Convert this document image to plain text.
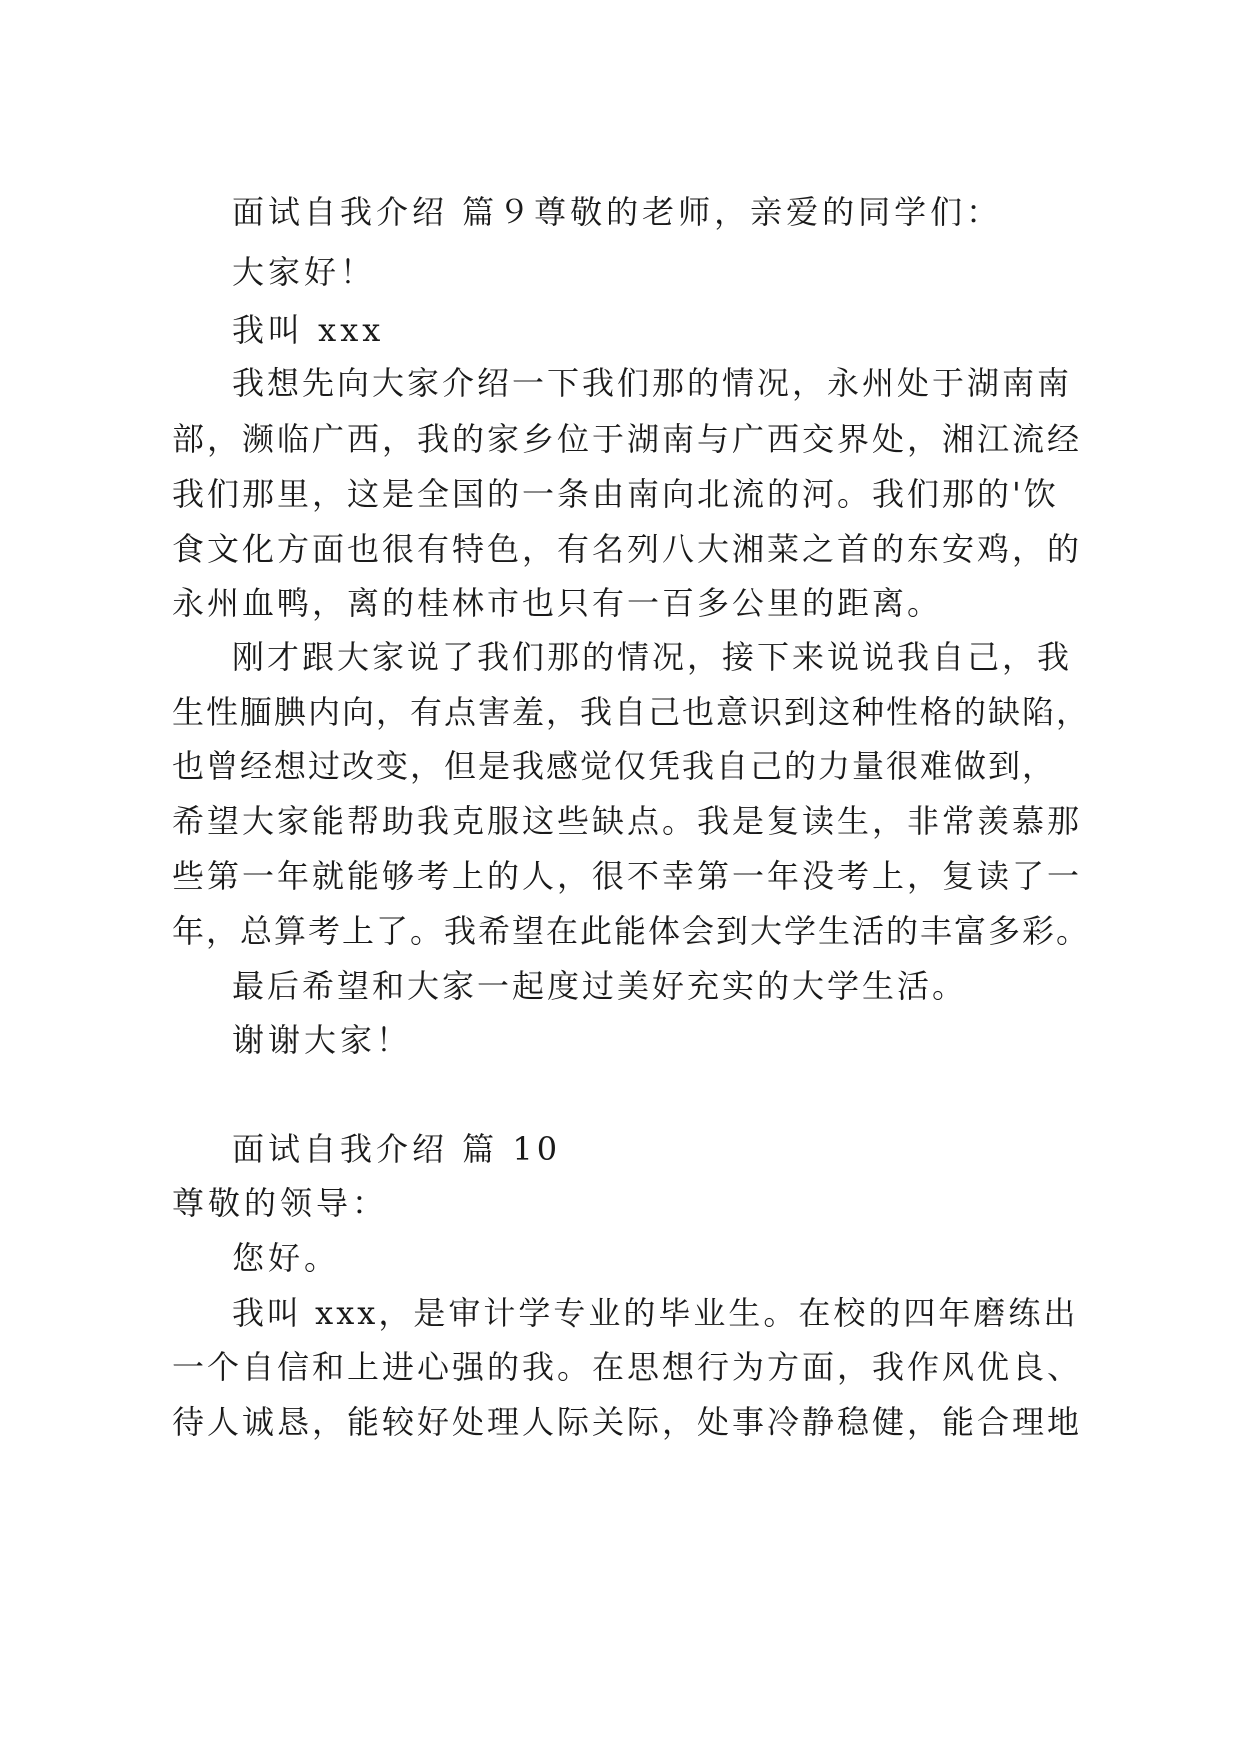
面试自我介绍 篇９尊敬的老师，亲爱的同学们：
大家好！
我叫 xxx
我想先向大家介绍一下我们那的情况，永州处于湖南南
部，濒临广西，我的家乡位于湖南与广西交界处，湘江流经
我们那里，这是全国的一条由南向北流的河。我们那的'饮
食文化方面也很有特色，有名列八大湘菜之首的东安鸡，的
永州血鸭，离的桂林市也只有一百多公里的距离。
刚才跟大家说了我们那的情况，接下来说说我自己，我
生性腼腆内向，有点害羞，我自己也意识到这种性格的缺陷，
也曾经想过改变，但是我感觉仅凭我自己的力量很难做到，
希望大家能帮助我克服这些缺点。我是复读生，非常羡慕那
些第一年就能够考上的人，很不幸第一年没考上，复读了一
年，总算考上了。我希望在此能体会到大学生活的丰富多彩。
最后希望和大家一起度过美好充实的大学生活。
谢谢大家！
面试自我介绍 篇 10
尊敬的领导：
您好。
我叫 xxx，是审计学专业的毕业生。在校的四年磨练出
一个自信和上进心强的我。在思想行为方面，我作风优良、
待人诚恳，能较好处理人际关际，处事冷静稳健，能合理地
